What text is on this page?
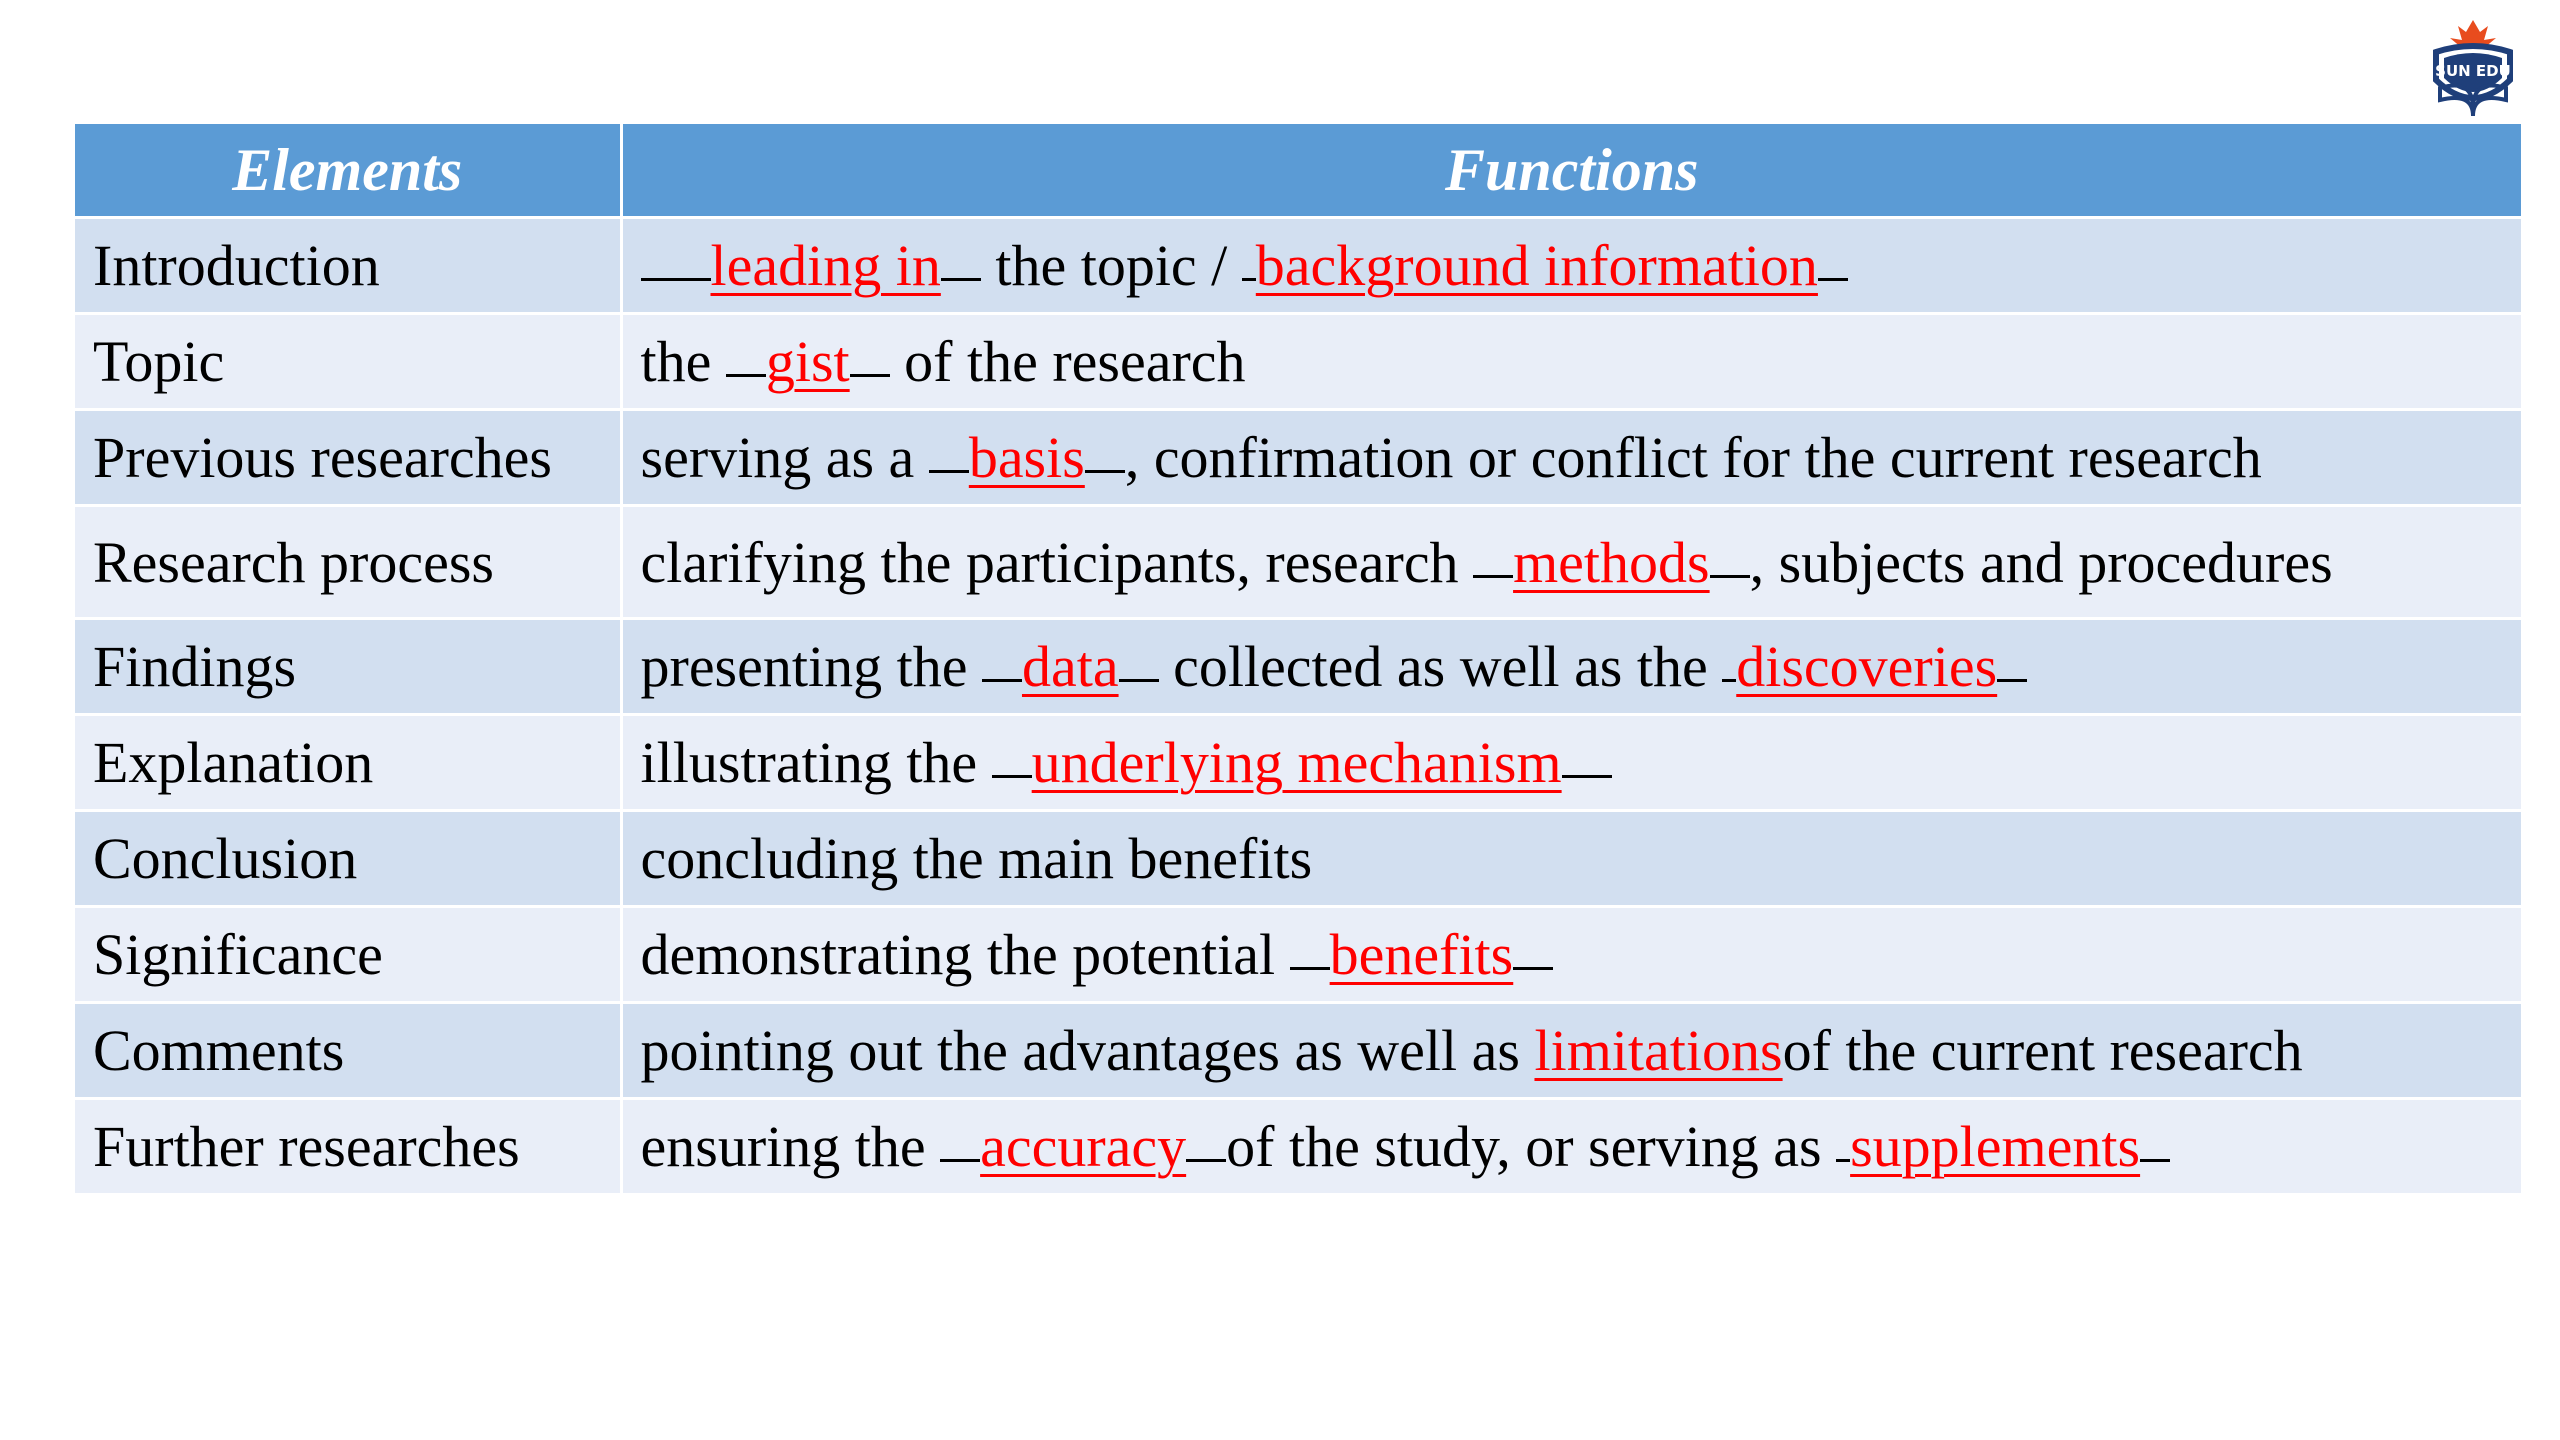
SUN EDU
Elements	Functions
Introduction	leading in the topic / background information
Topic	the gist of the research
Previous researches	serving as a basis , confirmation or conflict for the current research
Research process	clarifying the participants, research methods , subjects and procedures
Findings	presenting the data collected as well as the discoveries
Explanation	illustrating the underlying mechanism
Conclusion	concluding the main benefits
Significance	demonstrating the potential benefits
Comments	pointing out the advantages as well as limitationsof the current research
Further researches	ensuring the accuracy of the study, or serving as supplements
